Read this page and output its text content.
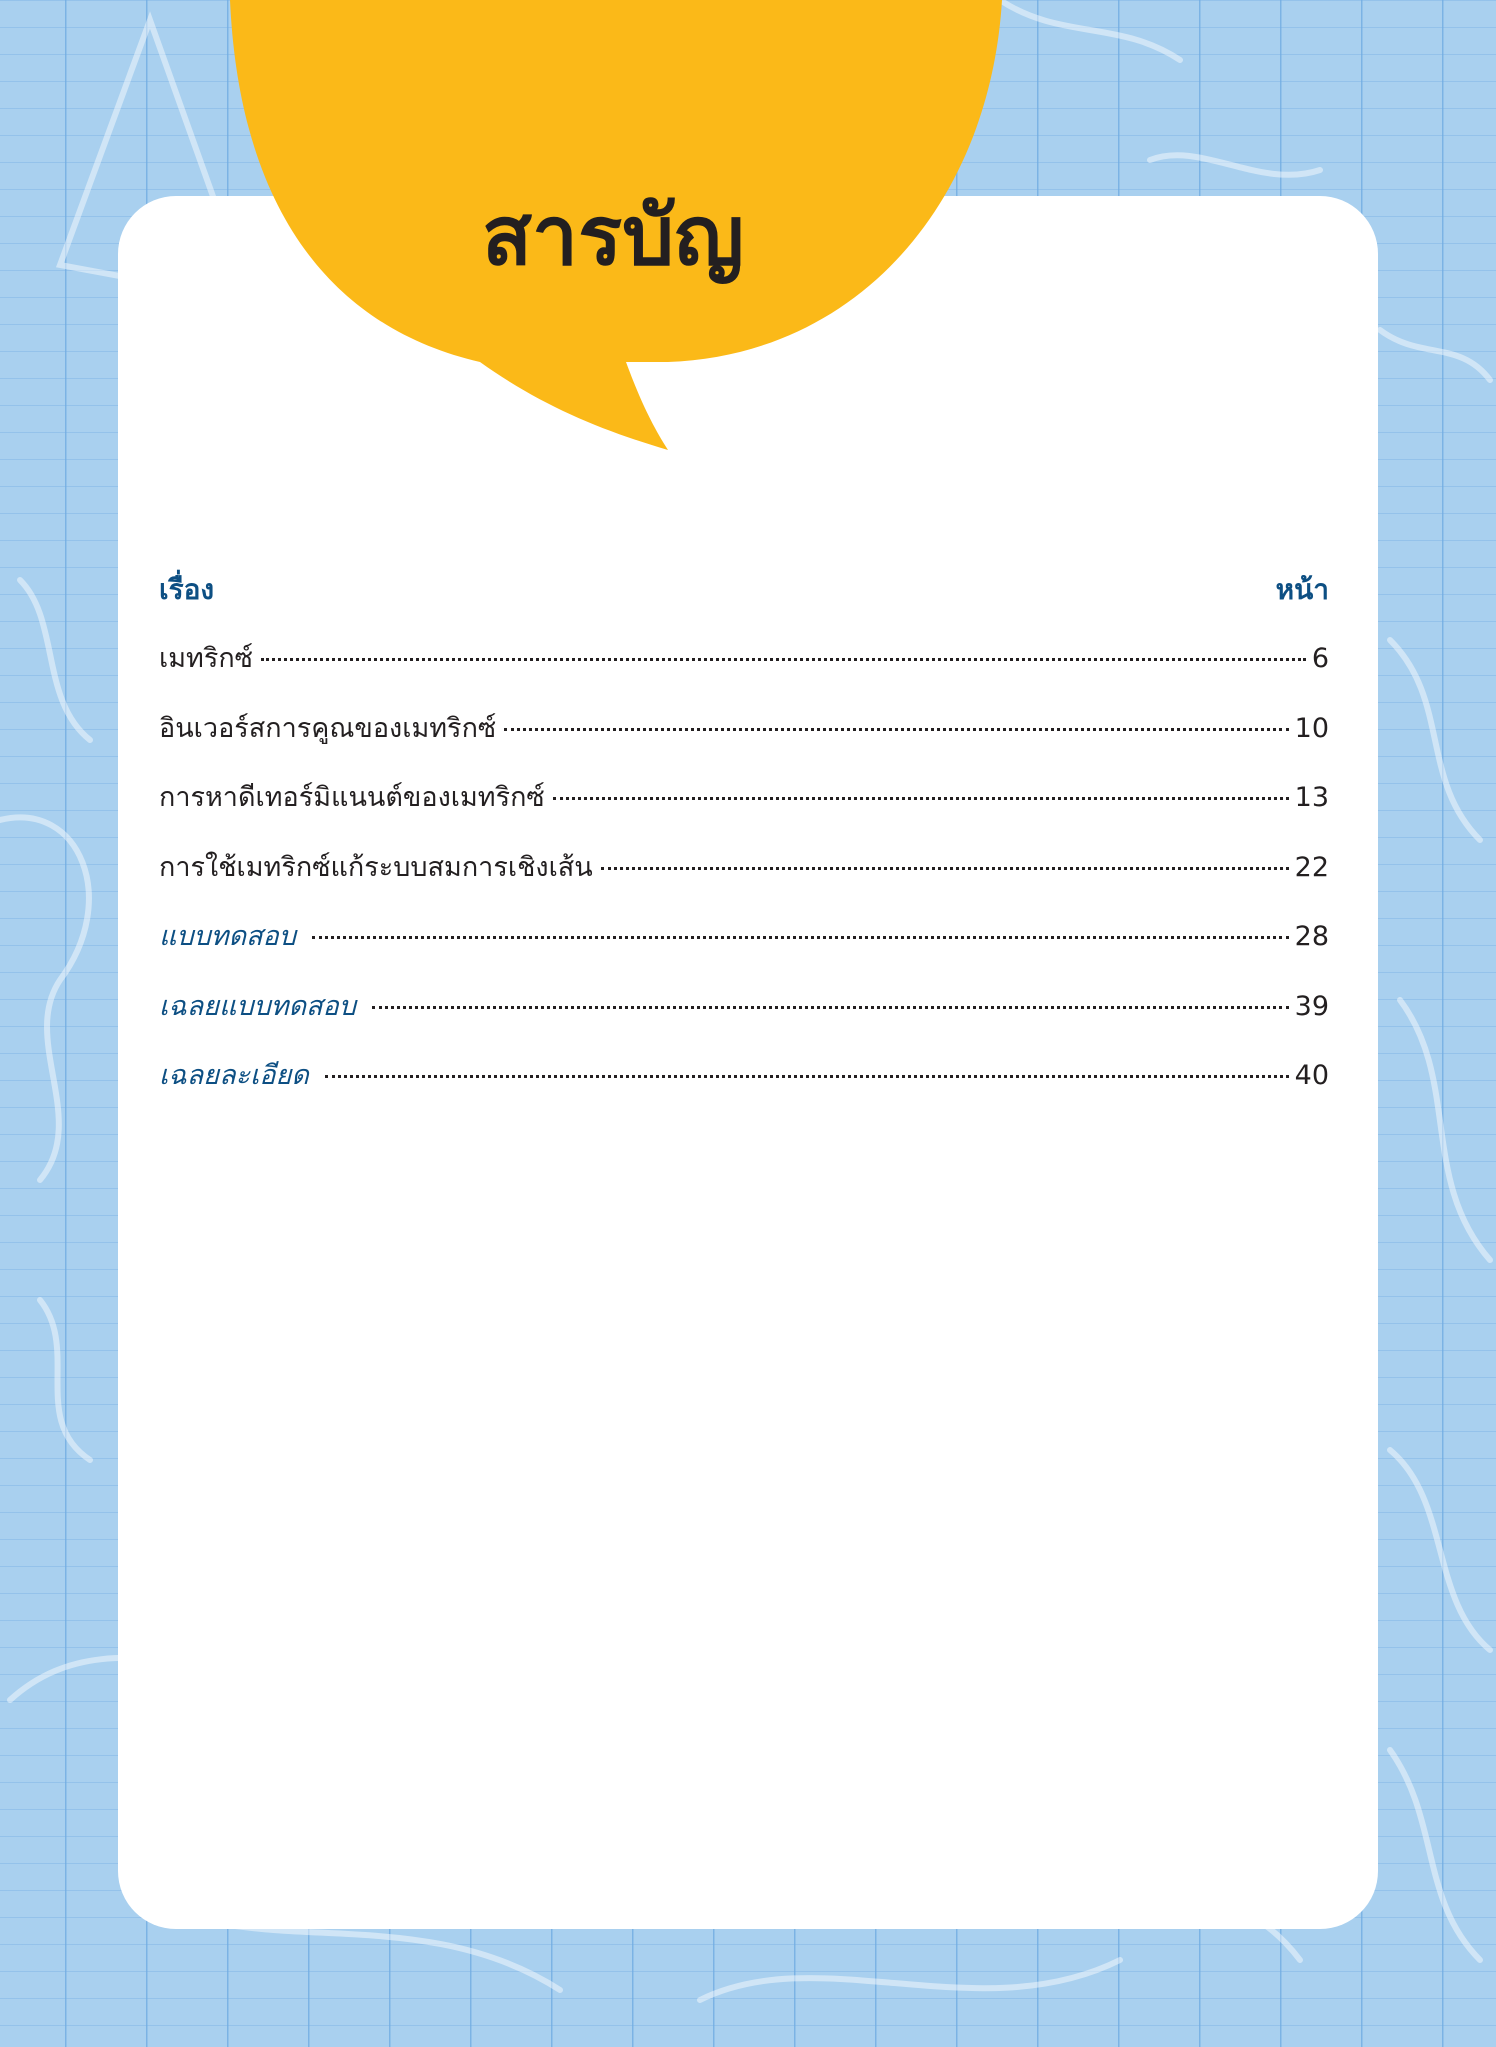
สารบัญ
เรื่อง	หน้า
เมทริกซ์	6
อินเวอร์สการคูณของเมทริกซ์	10
การหาดีเทอร์มิแนนต์ของเมทริกซ์	13
การใช้เมทริกซ์แก้ระบบสมการเชิงเส้น	22
แบบทดสอบ	28
เฉลยแบบทดสอบ	39
เฉลยละเอียด	40
